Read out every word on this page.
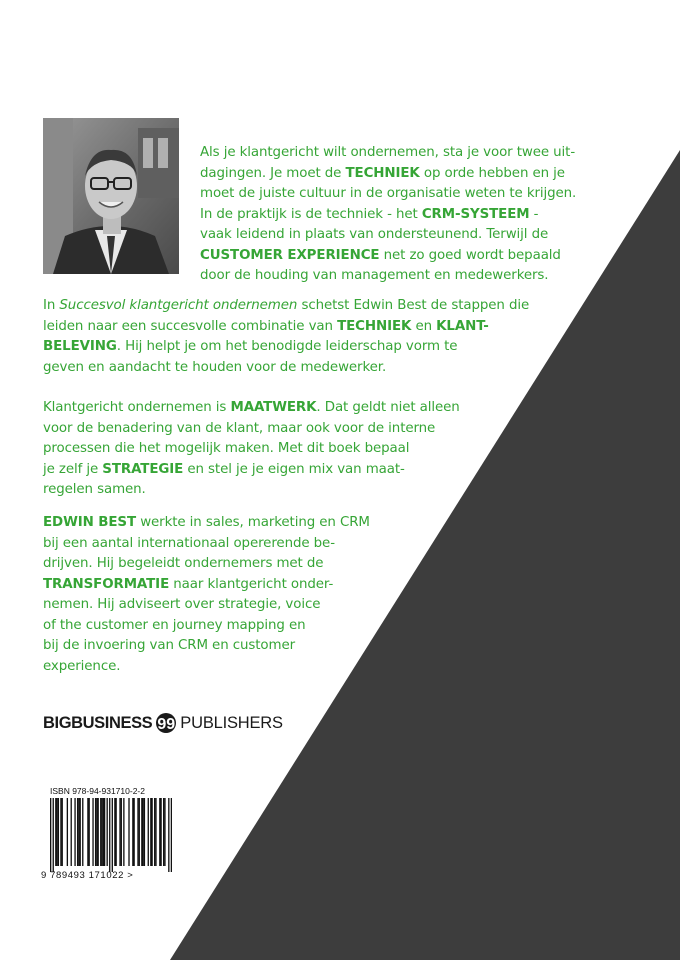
Als je klantgericht wilt ondernemen, sta je voor twee uit-
dagingen. Je moet de TECHNIEK op orde hebben en je
moet de juiste cultuur in de organisatie weten te krijgen.
In de praktijk is de techniek - het CRM-SYSTEEM -
vaak leidend in plaats van ondersteunend. Terwijl de
CUSTOMER EXPERIENCE net zo goed wordt bepaald
door de houding van management en medewerkers.
In Succesvol klantgericht ondernemen schetst Edwin Best de stappen die
leiden naar een succesvolle combinatie van TECHNIEK en KLANT-
BELEVING. Hij helpt je om het benodigde leiderschap vorm te
geven en aandacht te houden voor de medewerker.
Klantgericht ondernemen is MAATWERK. Dat geldt niet alleen
voor de benadering van de klant, maar ook voor de interne
processen die het mogelijk maken. Met dit boek bepaal
je zelf je STRATEGIE en stel je je eigen mix van maat-
regelen samen.
EDWIN BEST werkte in sales, marketing en CRM
bij een aantal internationaal opererende be-
drijven. Hij begeleidt ondernemers met de
TRANSFORMATIE naar klantgericht onder-
nemen. Hij adviseert over strategie, voice
of the customer en journey mapping en
bij de invoering van CRM en customer
experience.
BIGBUSINESS 99 PUBLISHERS
ISBN 978-94-931710-2-2
9 789493 171022 >
